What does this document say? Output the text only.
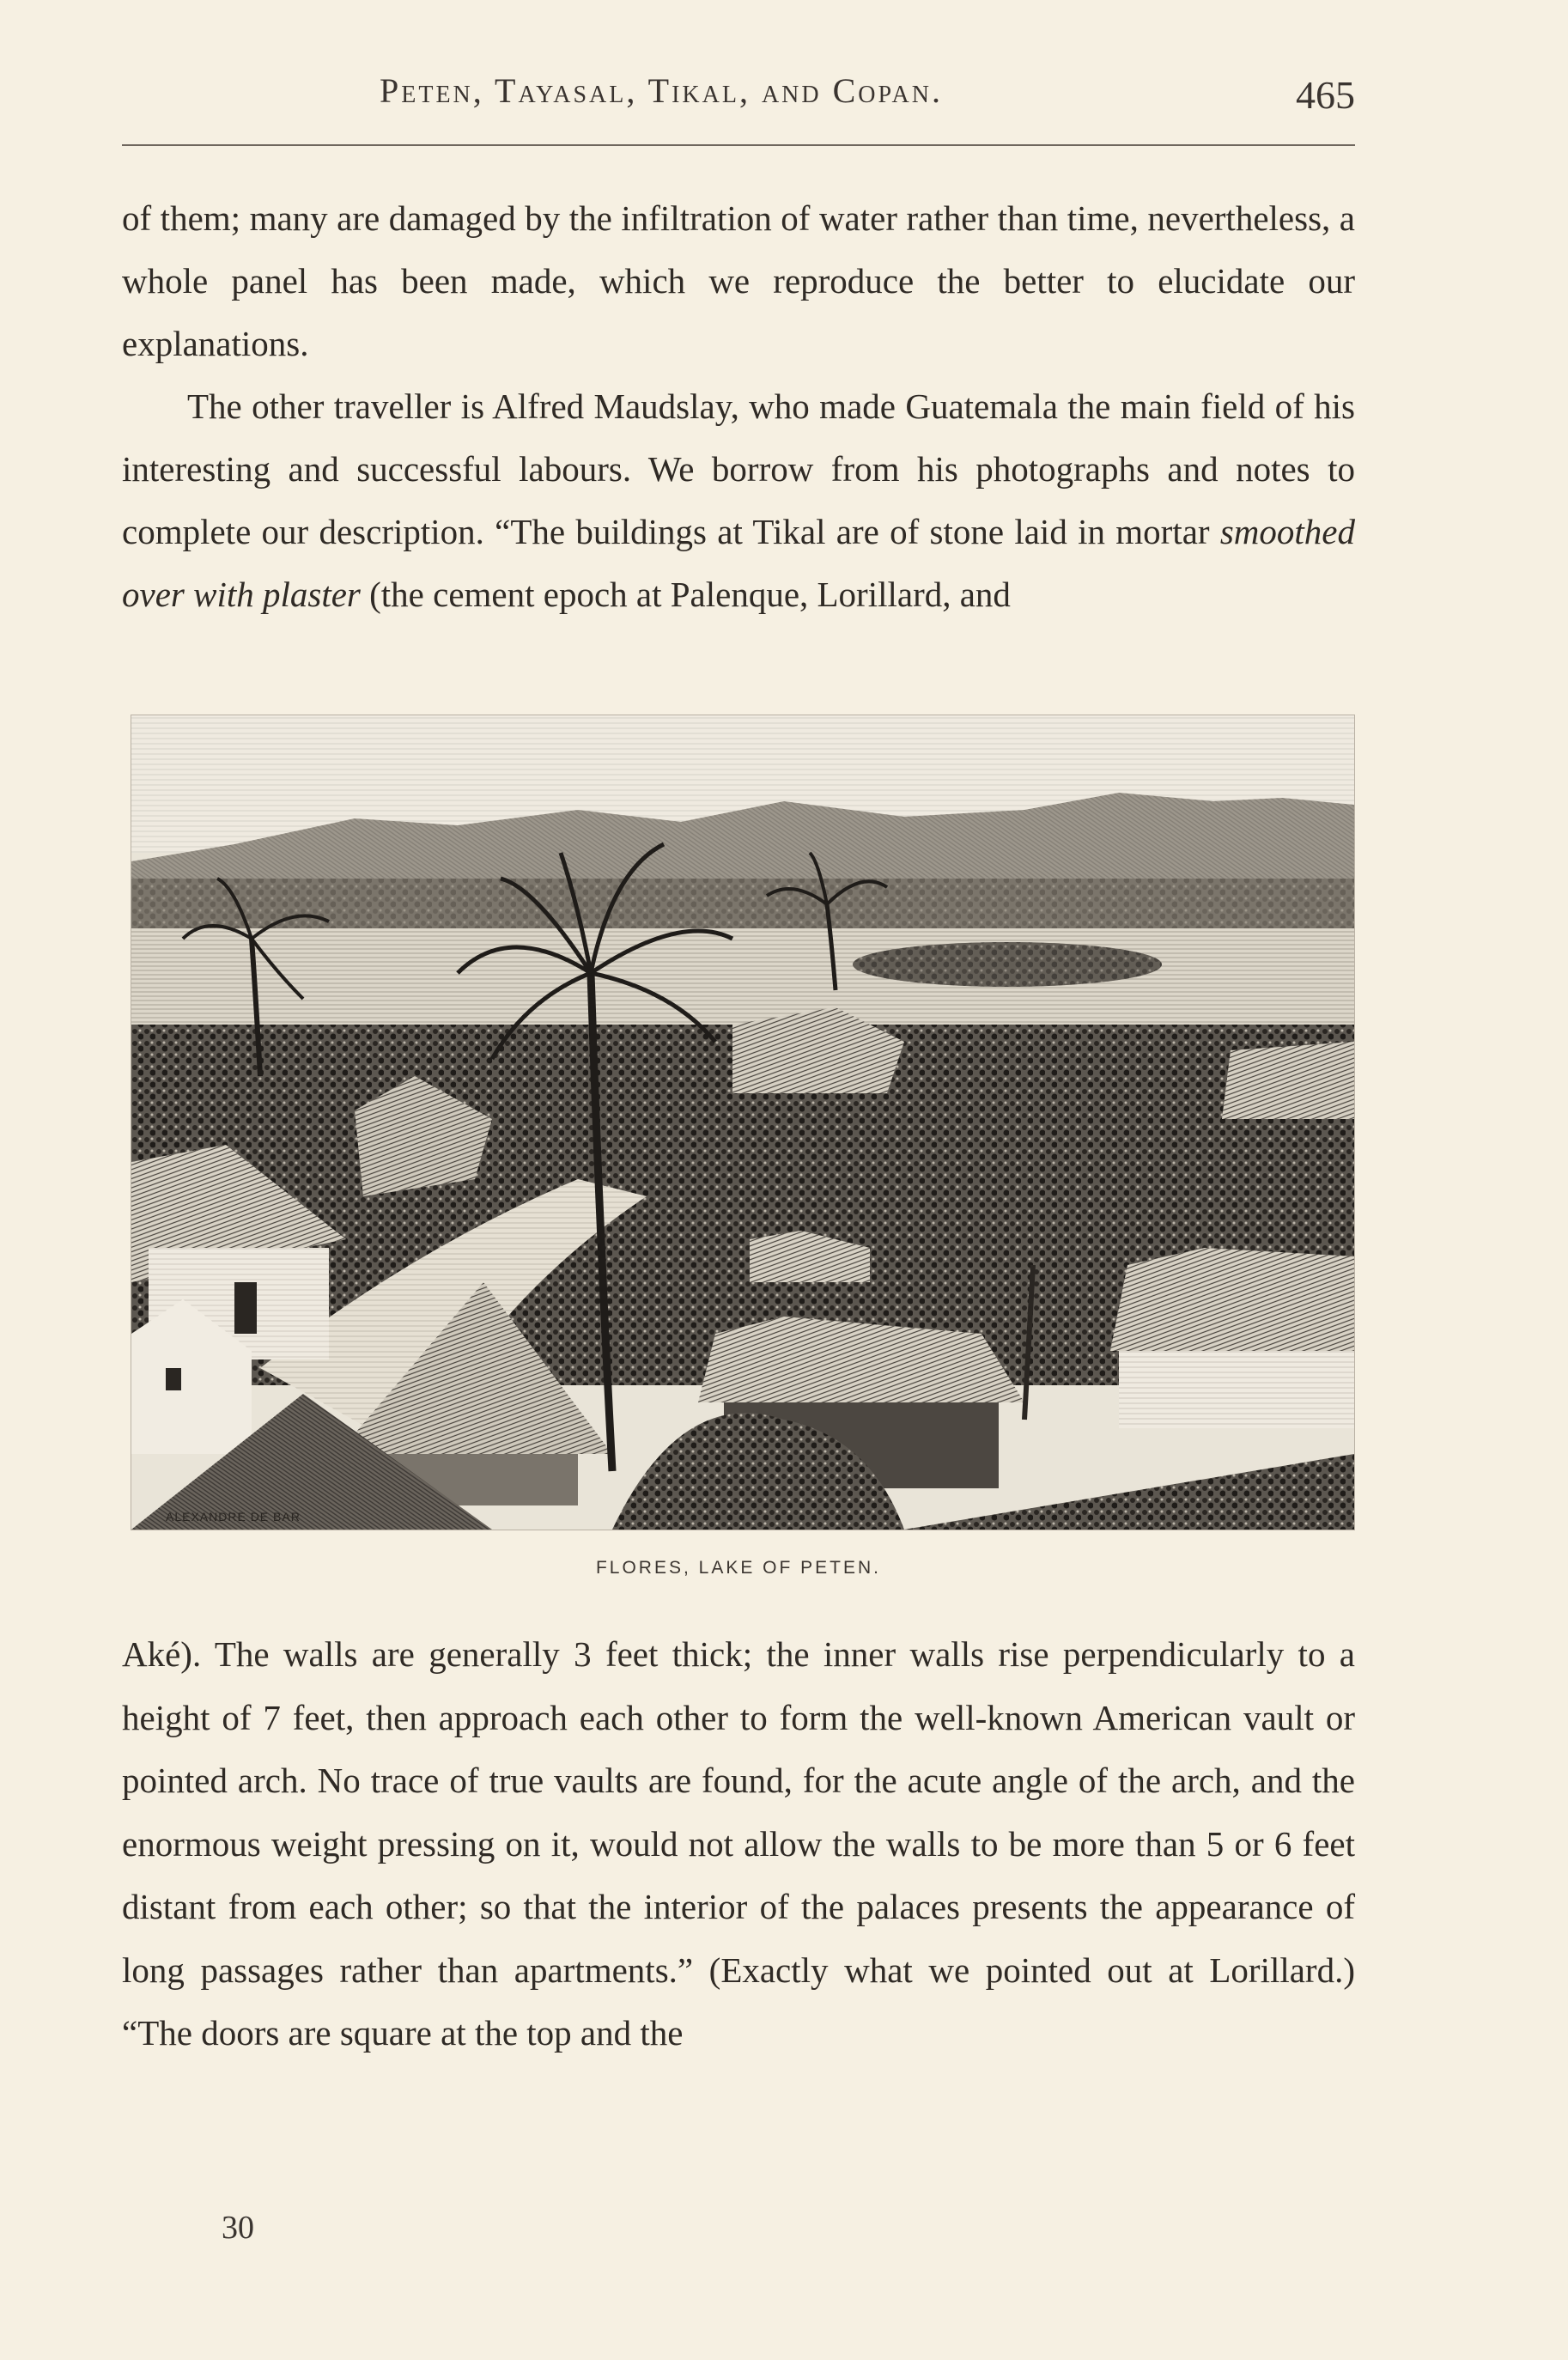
Peten, Tayasal, Tikal, and Copan.	465

of them; many are damaged by the infiltration of water rather than time, nevertheless, a whole panel has been made, which we reproduce the better to elucidate our explanations.

The other traveller is Alfred Maudslay, who made Guatemala the main field of his interesting and successful labours. We borrow from his photographs and notes to complete our description. “The buildings at Tikal are of stone laid in mortar smoothed over with plaster (the cement epoch at Palenque, Lorillard, and

ALEXANDRE DE BAR
FLORES, LAKE OF PETEN.

Aké). The walls are generally 3 feet thick; the inner walls rise perpendicularly to a height of 7 feet, then approach each other to form the well-known American vault or pointed arch. No trace of true vaults are found, for the acute angle of the arch, and the enormous weight pressing on it, would not allow the walls to be more than 5 or 6 feet distant from each other; so that the interior of the palaces presents the appearance of long passages rather than apartments.” (Exactly what we pointed out at Lorillard.) “The doors are square at the top and the

30
